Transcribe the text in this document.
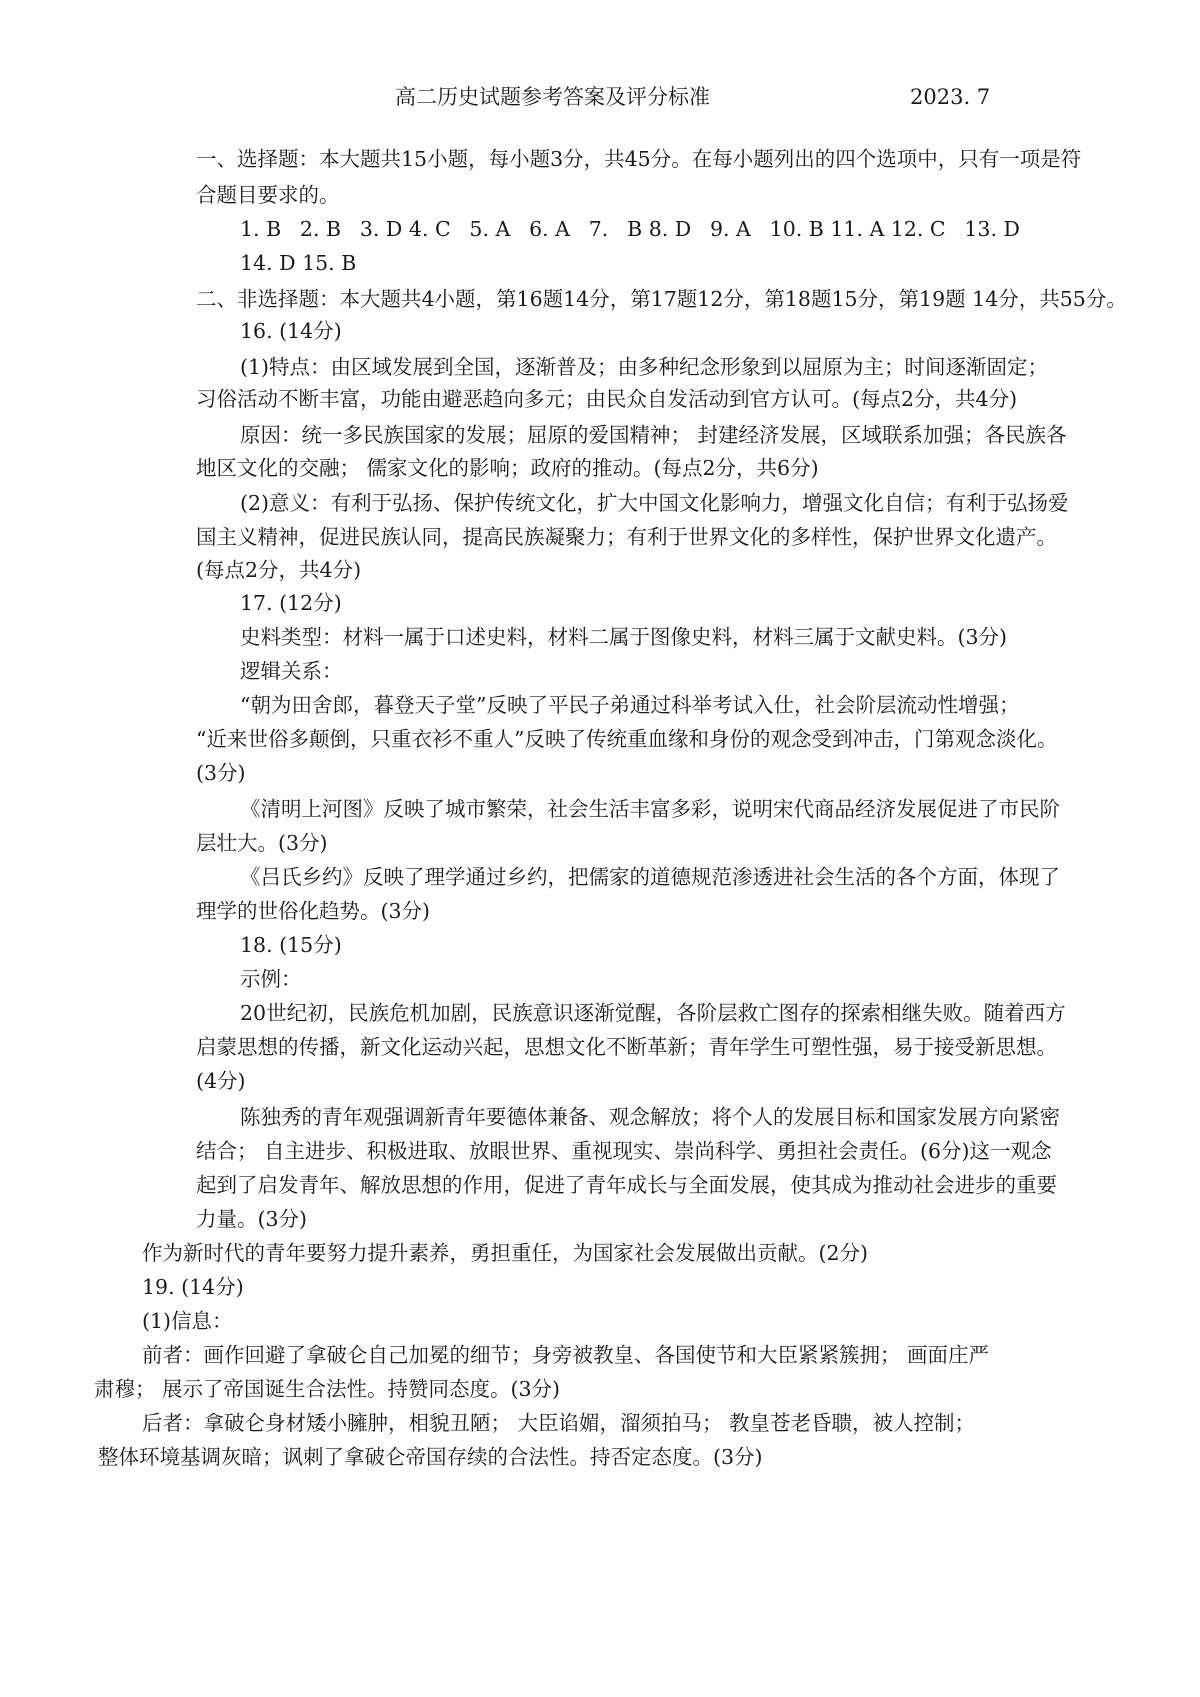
高二历史试题参考答案及评分标准	2023. 7
一、选择题：本大题共15小题，每小题3分，共45分。在每小题列出的四个选项中，只有一项是符
合题目要求的。
1. B 2. B 3. D 4. C 5. A 6. A 7. B 8. D 9. A 10. B 11. A 12. C 13. D
14. D 15. B
二、非选择题：本大题共4小题，第16题14分，第17题12分，第18题15分，第19题 14分，共55分。
16. (14分)
(1)特点：由区域发展到全国，逐渐普及；由多种纪念形象到以屈原为主；时间逐渐固定；
习俗活动不断丰富，功能由避恶趋向多元；由民众自发活动到官方认可。(每点2分，共4分)
原因：统一多民族国家的发展；屈原的爱国精神； 封建经济发展，区域联系加强；各民族各
地区文化的交融； 儒家文化的影响；政府的推动。(每点2分，共6分)
(2)意义：有利于弘扬、保护传统文化，扩大中国文化影响力，增强文化自信；有利于弘扬爱
国主义精神，促进民族认同，提高民族凝聚力；有利于世界文化的多样性，保护世界文化遗产。
(每点2分，共4分)
17. (12分)
史料类型：材料一属于口述史料，材料二属于图像史料，材料三属于文献史料。(3分)
逻辑关系：
“朝为田舍郎，暮登天子堂”反映了平民子弟通过科举考试入仕，社会阶层流动性增强；
“近来世俗多颠倒，只重衣衫不重人”反映了传统重血缘和身份的观念受到冲击，门第观念淡化。
(3分)
《清明上河图》反映了城市繁荣，社会生活丰富多彩，说明宋代商品经济发展促进了市民阶
层壮大。(3分)
《吕氏乡约》反映了理学通过乡约，把儒家的道德规范渗透进社会生活的各个方面，体现了
理学的世俗化趋势。(3分)
18. (15分)
示例：
20世纪初，民族危机加剧，民族意识逐渐觉醒，各阶层救亡图存的探索相继失败。随着西方
启蒙思想的传播，新文化运动兴起，思想文化不断革新；青年学生可塑性强，易于接受新思想。
(4分)
陈独秀的青年观强调新青年要德体兼备、观念解放；将个人的发展目标和国家发展方向紧密
结合； 自主进步、积极进取、放眼世界、重视现实、崇尚科学、勇担社会责任。(6分)这一观念
起到了启发青年、解放思想的作用，促进了青年成长与全面发展，使其成为推动社会进步的重要
力量。(3分)
作为新时代的青年要努力提升素养，勇担重任，为国家社会发展做出贡献。(2分)
19. (14分)
(1)信息：
前者：画作回避了拿破仑自己加冕的细节；身旁被教皇、各国使节和大臣紧紧簇拥； 画面庄严
肃穆； 展示了帝国诞生合法性。持赞同态度。(3分)
后者：拿破仑身材矮小臃肿，相貌丑陋； 大臣谄媚，溜须拍马； 教皇苍老昏聩，被人控制；
整体环境基调灰暗；讽刺了拿破仑帝国存续的合法性。持否定态度。(3分)
